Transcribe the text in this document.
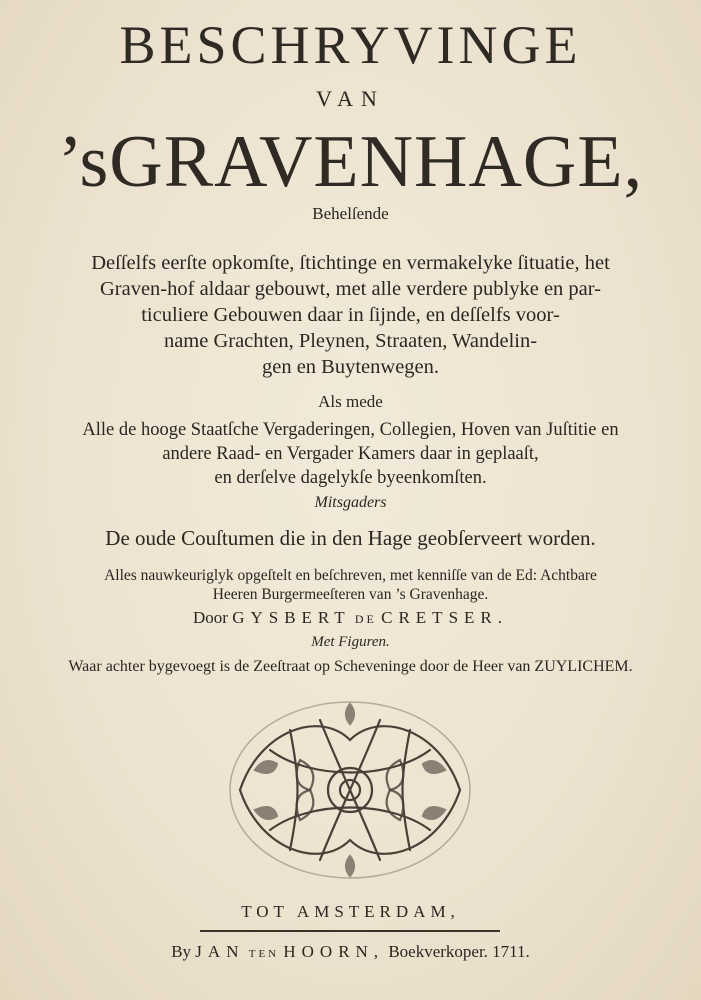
BESCHRYVINGE
VAN
’sGRAVENHAGE,
Behelſende
Deſſelfs eerſte opkomſte, ſtichtinge en vermakelyke ſituatie, het
Graven-hof aldaar gebouwt, met alle verdere publyke en par-
ticuliere Gebouwen daar in ſijnde, en deſſelfs voor-
name Grachten, Pleynen, Straaten, Wandelin-
gen en Buytenwegen.
Als mede
Alle de hooge Staatſche Vergaderingen, Collegien, Hoven van Juſtitie en
andere Raad- en Vergader Kamers daar in geplaaſt,
en derſelve dagelykſe byeenkomſten.
Mitsgaders
De oude Couſtumen die in den Hage geobſerveert worden.
Alles nauwkeuriglyk opgeſtelt en beſchreven, met kenniſſe van de Ed: Achtbare
Heeren Burgermeeſteren van ’s Gravenhage.
Door GYSBERT DE CRETSER.
Met Figuren.
Waar achter bygevoegt is de Zeeſtraat op Scheveninge door de Heer van ZUYLICHEM.
TOT AMSTERDAM,
By JAN TEN HOORN, Boekverkoper. 1711.
